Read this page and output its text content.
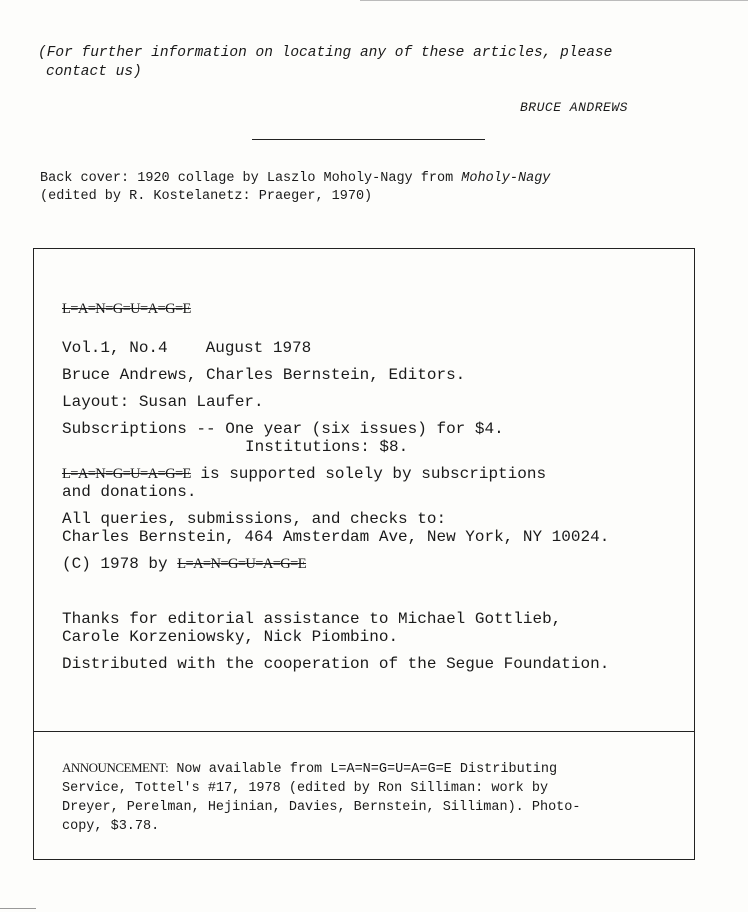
(For further information on locating any of these articles, please
contact us)
BRUCE ANDREWS
Back cover: 1920 collage by Laszlo Moholy-Nagy from Moholy-Nagy
(edited by R. Kostelanetz: Praeger, 1970)

L=A=N=G=U=A=G=E

Vol.1, No.4 August 1978

Bruce Andrews, Charles Bernstein, Editors.

Layout: Susan Laufer.

Subscriptions -- One year (six issues) for $4.
Institutions: $8.

L=A=N=G=U=A=G=E is supported solely by subscriptions
and donations.

All queries, submissions, and checks to:
Charles Bernstein, 464 Amsterdam Ave, New York, NY 10024.

(C) 1978 by L=A=N=G=U=A=G=E

Thanks for editorial assistance to Michael Gottlieb,
Carole Korzeniowsky, Nick Piombino.

Distributed with the cooperation of the Segue Foundation.

ANNOUNCEMENT: Now available from L=A=N=G=U=A=G=E Distributing
Service, Tottel's #17, 1978 (edited by Ron Silliman: work by
Dreyer, Perelman, Hejinian, Davies, Bernstein, Silliman). Photo-
copy, $3.78.
